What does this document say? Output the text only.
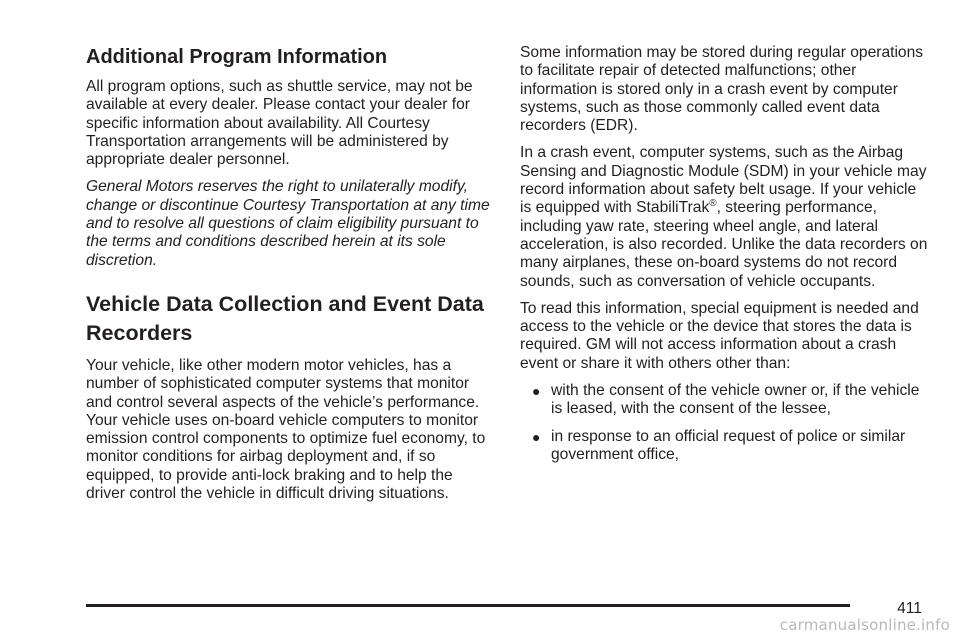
Additional Program Information

All program options, such as shuttle service, may not be available at every dealer. Please contact your dealer for specific information about availability. All Courtesy Transportation arrangements will be administered by appropriate dealer personnel.

General Motors reserves the right to unilaterally modify, change or discontinue Courtesy Transportation at any time and to resolve all questions of claim eligibility pursuant to the terms and conditions described herein at its sole discretion.

Vehicle Data Collection and Event Data Recorders

Your vehicle, like other modern motor vehicles, has a number of sophisticated computer systems that monitor and control several aspects of the vehicle’s performance. Your vehicle uses on-board vehicle computers to monitor emission control components to optimize fuel economy, to monitor conditions for airbag deployment and, if so equipped, to provide anti-lock braking and to help the driver control the vehicle in difficult driving situations.

Some information may be stored during regular operations to facilitate repair of detected malfunctions; other information is stored only in a crash event by computer systems, such as those commonly called event data recorders (EDR).

In a crash event, computer systems, such as the Airbag Sensing and Diagnostic Module (SDM) in your vehicle may record information about safety belt usage. If your vehicle is equipped with StabiliTrak®, steering performance, including yaw rate, steering wheel angle, and lateral acceleration, is also recorded. Unlike the data recorders on many airplanes, these on-board systems do not record sounds, such as conversation of vehicle occupants.

To read this information, special equipment is needed and access to the vehicle or the device that stores the data is required. GM will not access information about a crash event or share it with others other than:

● with the consent of the vehicle owner or, if the vehicle is leased, with the consent of the lessee,
● in response to an official request of police or similar government office,
411
carmanualsonline.info
